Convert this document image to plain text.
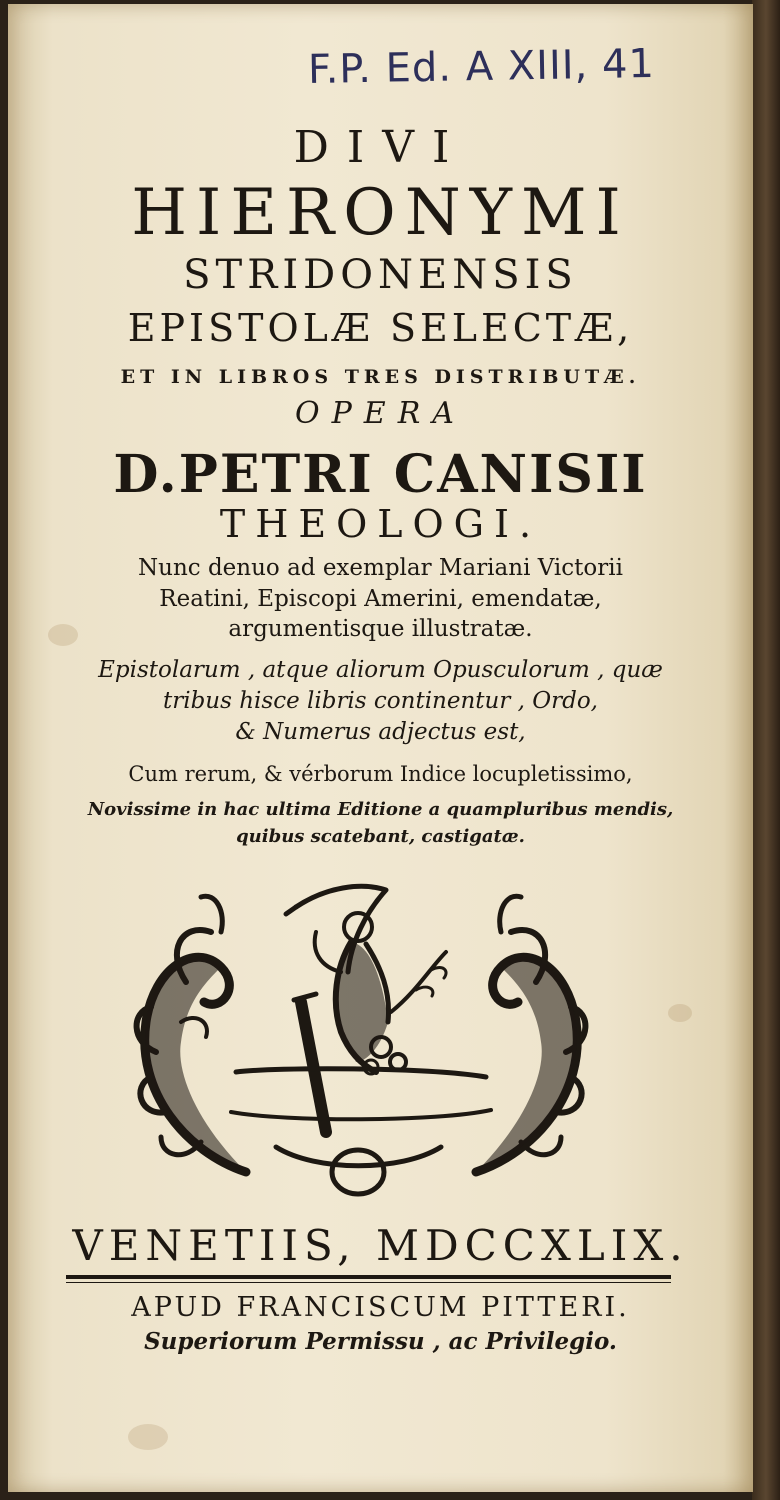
F.P. Ed. A XIII, 41
DIVI
HIERONYMI
STRIDONENSIS
EPISTOLÆ SELECTÆ,
ET IN LIBROS TRES DISTRIBUTÆ.
OPERA
D.PETRI CANISII
THEOLOGI.
Nunc denuo ad exemplar Mariani Victorii
Reatini, Episcopi Amerini, emendatæ,
argumentisque illustratæ.
Epistolarum , atque aliorum Opusculorum , quæ
tribus hisce libris continentur , Ordo,
& Numerus adjectus est,
Cum rerum, & vérborum Indice locupletissimo,
Novissime in hac ultima Editione a quampluribus mendis,
quibus scatebant, castigatæ.
VENETIIS, MDCCXLIX.
APUD FRANCISCUM PITTERI.
Superiorum Permissu , ac Privilegio.
